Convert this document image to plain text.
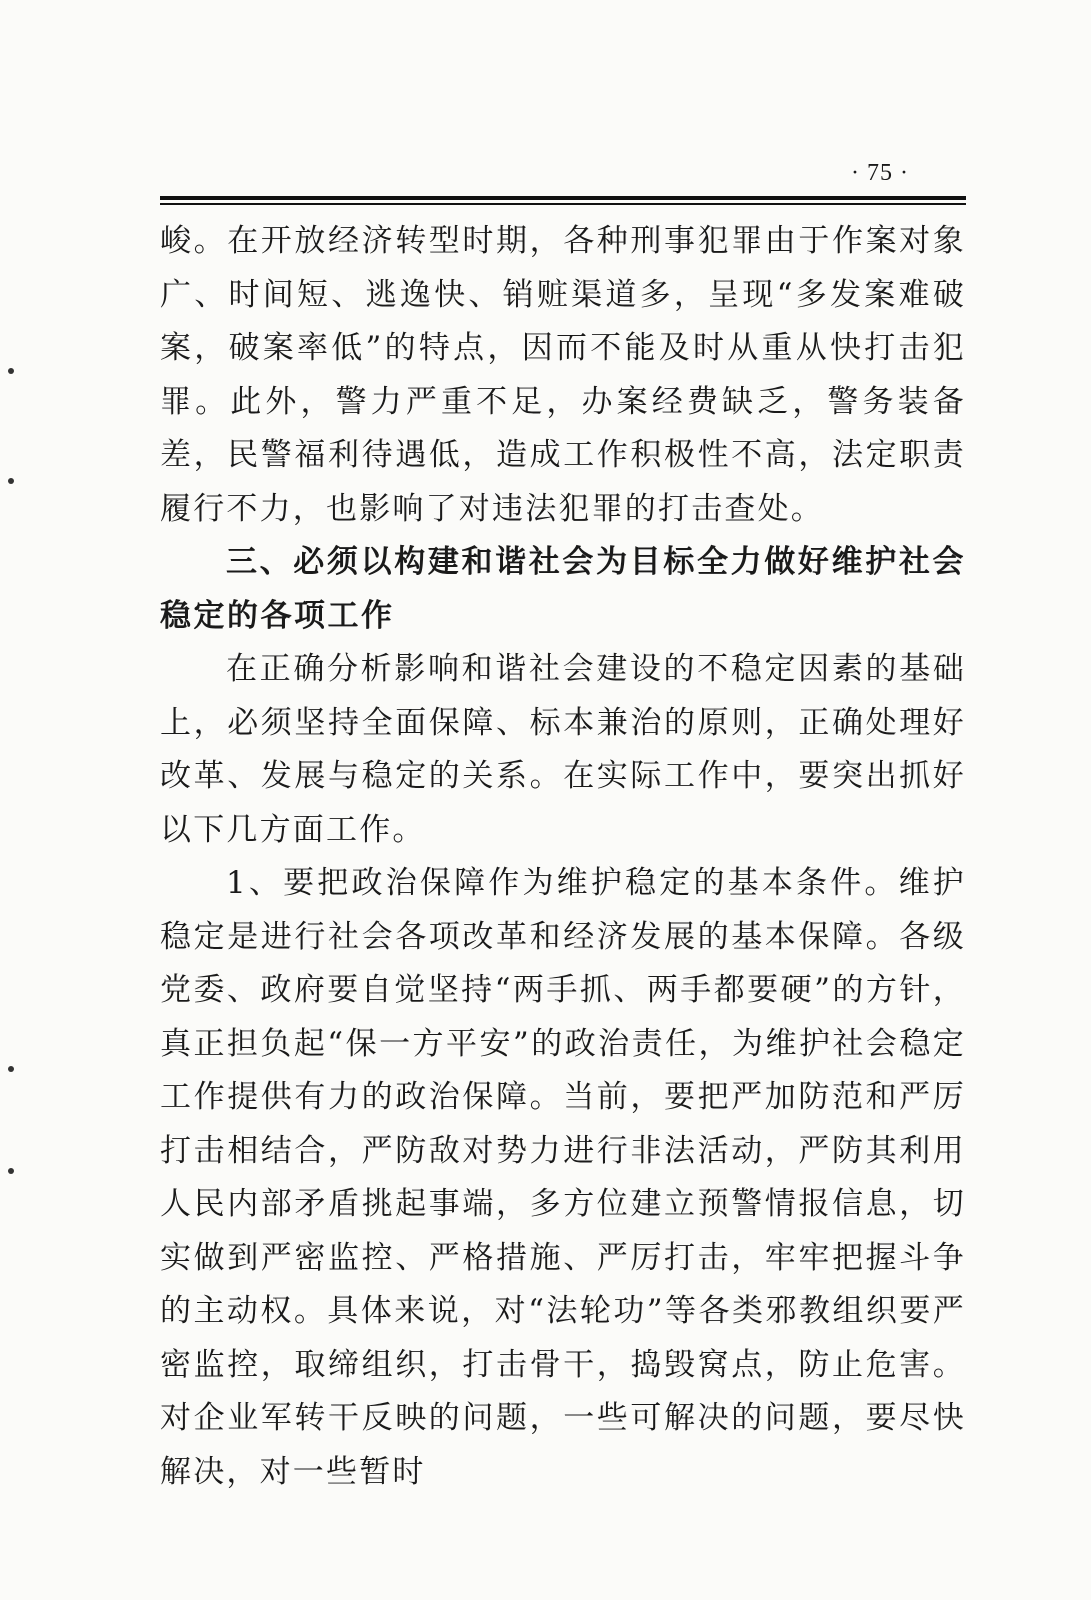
· 75 ·

峻。在开放经济转型时期，各种刑事犯罪由于作案对象广、时间短、逃逸快、销赃渠道多，呈现“多发案难破案，破案率低”的特点，因而不能及时从重从快打击犯罪。此外，警力严重不足，办案经费缺乏，警务装备差，民警福利待遇低，造成工作积极性不高，法定职责履行不力，也影响了对违法犯罪的打击查处。

三、必须以构建和谐社会为目标全力做好维护社会稳定的各项工作

在正确分析影响和谐社会建设的不稳定因素的基础上，必须坚持全面保障、标本兼治的原则，正确处理好改革、发展与稳定的关系。在实际工作中，要突出抓好以下几方面工作。

1、要把政治保障作为维护稳定的基本条件。维护稳定是进行社会各项改革和经济发展的基本保障。各级党委、政府要自觉坚持“两手抓、两手都要硬”的方针，真正担负起“保一方平安”的政治责任，为维护社会稳定工作提供有力的政治保障。当前，要把严加防范和严厉打击相结合，严防敌对势力进行非法活动，严防其利用人民内部矛盾挑起事端，多方位建立预警情报信息，切实做到严密监控、严格措施、严厉打击，牢牢把握斗争的主动权。具体来说，对“法轮功”等各类邪教组织要严密监控，取缔组织，打击骨干，捣毁窝点，防止危害。对企业军转干反映的问题，一些可解决的问题，要尽快解决，对一些暂时
